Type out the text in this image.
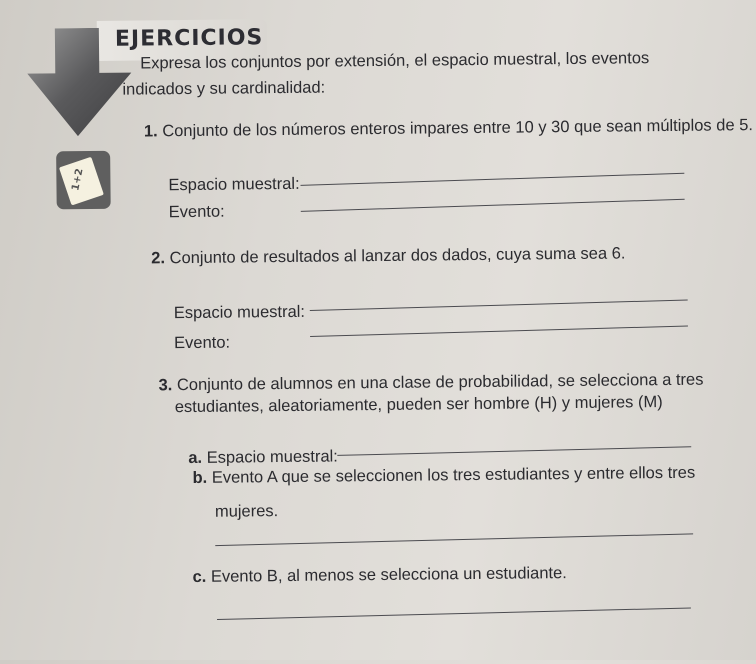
EJERCICIOS
1+2
Expresa los conjuntos por extensión, el espacio muestral, los eventos
indicados y su cardinalidad:
1. Conjunto de los números enteros impares entre 10 y 30 que sean múltiplos de 5.
Espacio muestral:
Evento:
2. Conjunto de resultados al lanzar dos dados, cuya suma sea 6.
Espacio muestral:
Evento:
3. Conjunto de alumnos en una clase de probabilidad, se selecciona a tres
estudiantes, aleatoriamente, pueden ser hombre (H) y mujeres (M)
a. Espacio muestral:
b. Evento A que se seleccionen los tres estudiantes y entre ellos tres
mujeres.
c. Evento B, al menos se selecciona un estudiante.
